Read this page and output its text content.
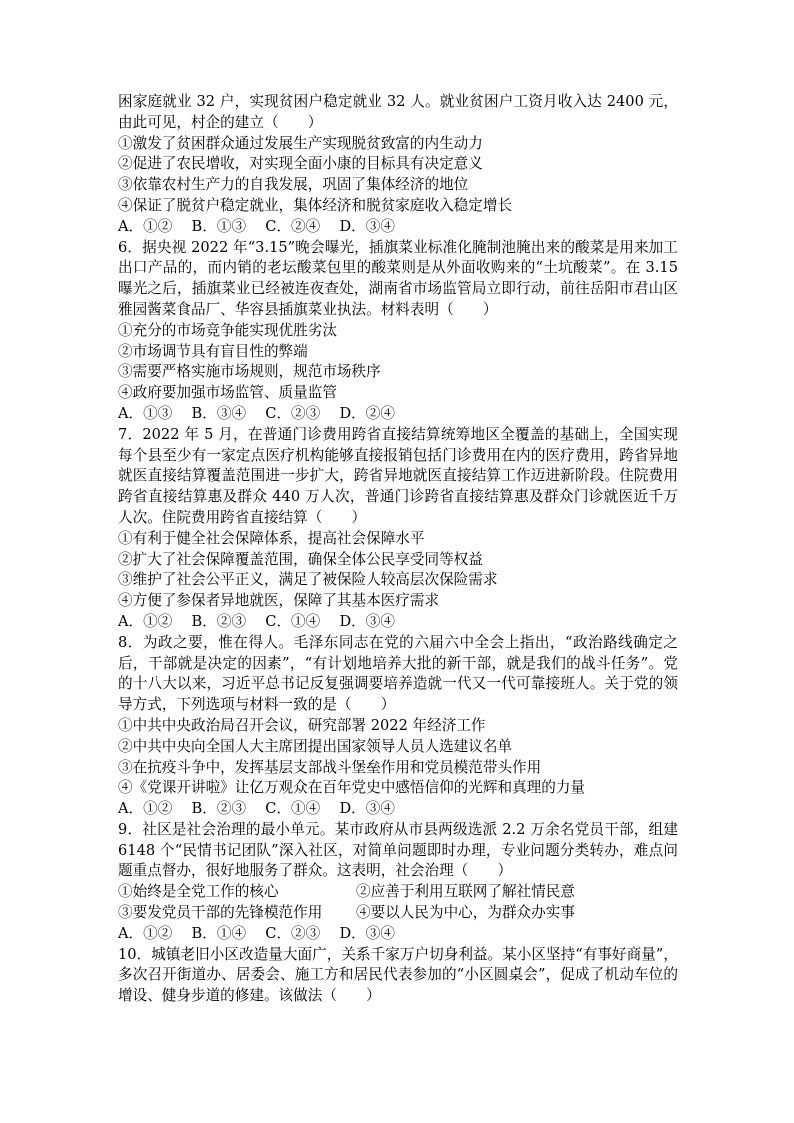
困家庭就业 32 户，实现贫困户稳定就业 32 人。就业贫困户工资月收入达 2400 元，由此可见，村企的建立（　　）

①激发了贫困群众通过发展生产实现脱贫致富的内生动力

②促进了农民增收，对实现全面小康的目标具有决定意义

③依靠农村生产力的自我发展，巩固了集体经济的地位

④保证了脱贫户稳定就业，集体经济和脱贫家庭收入稳定增长

A．①②　 B．①③　 C．②④　 D．③④

6．据央视 2022 年“3.15”晚会曝光，插旗菜业标准化腌制池腌出来的酸菜是用来加工出口产品的，而内销的老坛酸菜包里的酸菜则是从外面收购来的“土坑酸菜”。在 3.15 曝光之后，插旗菜业已经被连夜查处，湖南省市场监管局立即行动，前往岳阳市君山区雅园酱菜食品厂、华容县插旗菜业执法。材料表明（　　）

①充分的市场竞争能实现优胜劣汰

②市场调节具有盲目性的弊端

③需要严格实施市场规则，规范市场秩序

④政府要加强市场监管、质量监管

A．①③　 B．③④　 C．②③　 D．②④

7．2022 年 5 月，在普通门诊费用跨省直接结算统筹地区全覆盖的基础上，全国实现每个县至少有一家定点医疗机构能够直接报销包括门诊费用在内的医疗费用，跨省异地就医直接结算覆盖范围进一步扩大，跨省异地就医直接结算工作迈进新阶段。住院费用跨省直接结算惠及群众 440 万人次，普通门诊跨省直接结算惠及群众门诊就医近千万人次。住院费用跨省直接结算（　　）

①有利于健全社会保障体系，提高社会保障水平

②扩大了社会保障覆盖范围，确保全体公民享受同等权益

③维护了社会公平正义，满足了被保险人较高层次保险需求

④方便了参保者异地就医，保障了其基本医疗需求

A．①②　 B．②③　 C．①④　 D．③④

8．为政之要，惟在得人。毛泽东同志在党的六届六中全会上指出，“政治路线确定之后，干部就是决定的因素”，“有计划地培养大批的新干部，就是我们的战斗任务”。党的十八大以来，习近平总书记反复强调要培养造就一代又一代可靠接班人。关于党的领导方式，下列选项与材料一致的是（　　）

①中共中央政治局召开会议，研究部署 2022 年经济工作

②中共中央向全国人大主席团提出国家领导人员人选建议名单

③在抗疫斗争中，发挥基层支部战斗堡垒作用和党员模范带头作用

④《党课开讲啦》让亿万观众在百年党史中感悟信仰的光辉和真理的力量

A．①②　 B．②③　 C．①④　 D．③④

9．社区是社会治理的最小单元。某市政府从市县两级选派 2.2 万余名党员干部，组建 6148 个“民情书记团队”深入社区，对简单问题即时办理，专业问题分类转办，难点问题重点督办，很好地服务了群众。这表明，社会治理（　　）

①始终是全党工作的核心	②应善于利用互联网了解社情民意
③要发党员干部的先锋模范作用	④要以人民为中心，为群众办实事

A．①②　 B．①④　 C．②③　 D．③④

10．城镇老旧小区改造量大面广，关系千家万户切身利益。某小区坚持“有事好商量”，多次召开街道办、居委会、施工方和居民代表参加的“小区圆桌会”，促成了机动车位的增设、健身步道的修建。该做法（　　）
